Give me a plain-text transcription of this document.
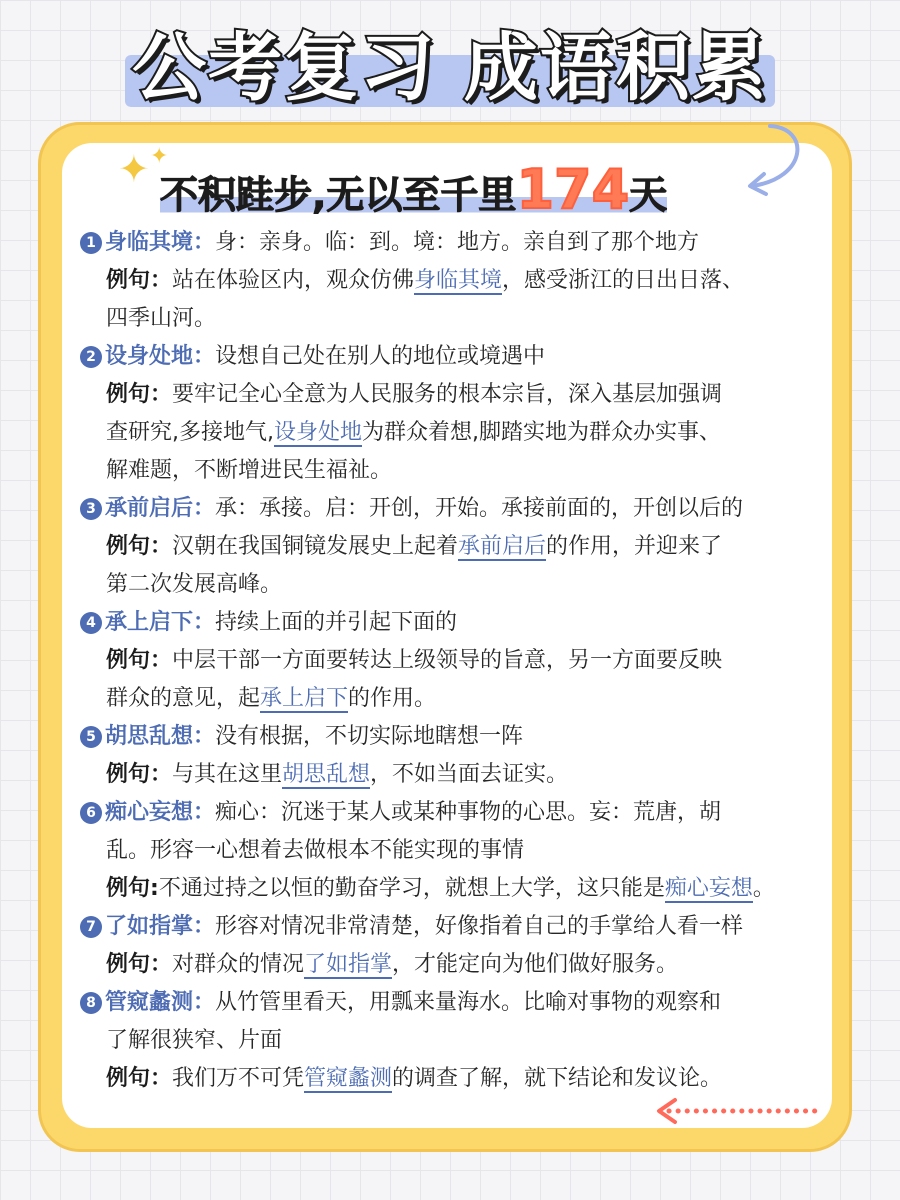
公考复习 成语积累
✦ ✦
不积跬步,无以至千里174天
1 身临其境：身：亲身。临：到。境：地方。亲自到了那个地方
例句：站在体验区内，观众仿佛身临其境，感受浙江的日出日落、
四季山河。
2 设身处地：设想自己处在别人的地位或境遇中
例句：要牢记全心全意为人民服务的根本宗旨，深入基层加强调
查研究,多接地气,设身处地为群众着想,脚踏实地为群众办实事、
解难题，不断增进民生福祉。
3 承前启后：承：承接。启：开创，开始。承接前面的，开创以后的
例句：汉朝在我国铜镜发展史上起着承前启后的作用，并迎来了
第二次发展高峰。
4 承上启下：持续上面的并引起下面的
例句：中层干部一方面要转达上级领导的旨意，另一方面要反映
群众的意见，起承上启下的作用。
5 胡思乱想：没有根据，不切实际地瞎想一阵
例句：与其在这里胡思乱想，不如当面去证实。
6 痴心妄想：痴心：沉迷于某人或某种事物的心思。妄：荒唐，胡
乱。形容一心想着去做根本不能实现的事情
例句:不通过持之以恒的勤奋学习，就想上大学，这只能是痴心妄想。
7 了如指掌：形容对情况非常清楚，好像指着自己的手掌给人看一样
例句：对群众的情况了如指掌，才能定向为他们做好服务。
8 管窥蠡测：从竹管里看天，用瓢来量海水。比喻对事物的观察和
了解很狭窄、片面
例句：我们万不可凭管窥蠡测的调查了解，就下结论和发议论。
